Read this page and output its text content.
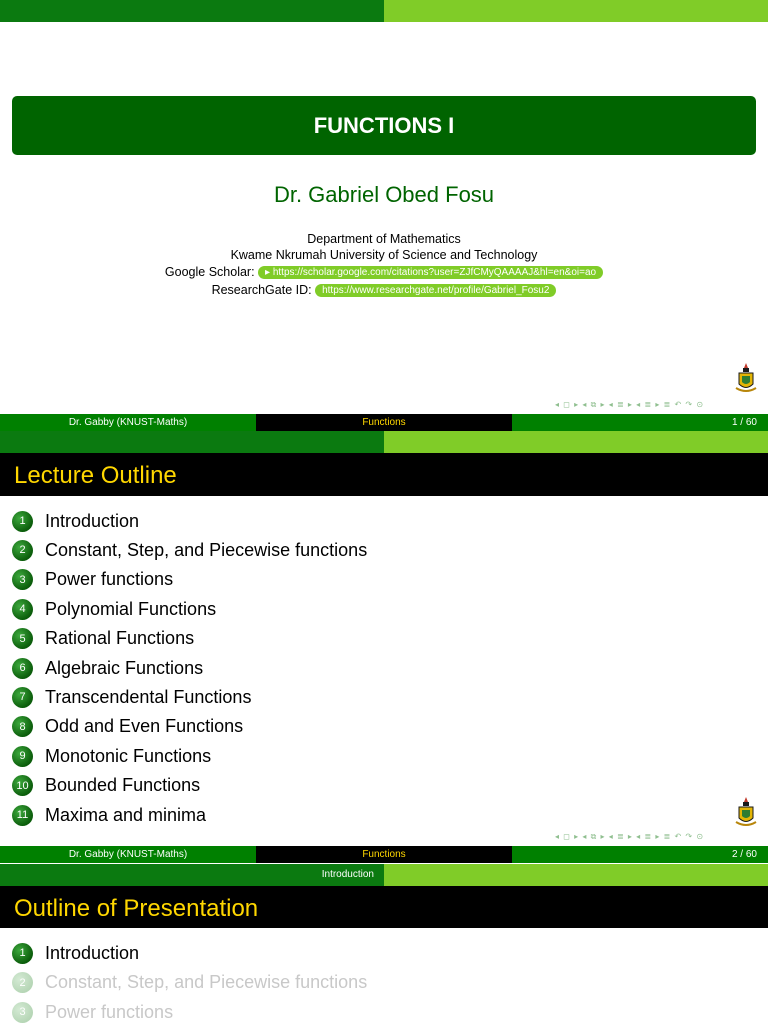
FUNCTIONS I
Dr. Gabriel Obed Fosu
Department of Mathematics
Kwame Nkrumah University of Science and Technology
Google Scholar: ▸ https://scholar.google.com/citations?user=ZJfCMyQAAAAJ&hl=en&oi=ao
ResearchGate ID: https://www.researchgate.net/profile/Gabriel_Fosu2
◂ ◻ ▸ ◂ ⧉ ▸ ◂ ≣ ▸ ◂ ≣ ▸ ≣ ↶ ↷ ⊙
Dr. Gabby (KNUST-Maths)	Functions	1 / 60
Lecture Outline
1	Introduction
2	Constant, Step, and Piecewise functions
3	Power functions
4	Polynomial Functions
5	Rational Functions
6	Algebraic Functions
7	Transcendental Functions
8	Odd and Even Functions
9	Monotonic Functions
10 Bounded Functions
11 Maxima and minima
◂ ◻ ▸ ◂ ⧉ ▸ ◂ ≣ ▸ ◂ ≣ ▸ ≣ ↶ ↷ ⊙
Dr. Gabby (KNUST-Maths)	Functions	2 / 60
Introduction
Outline of Presentation
1	Introduction
2	Constant, Step, and Piecewise functions
3	Power functions
